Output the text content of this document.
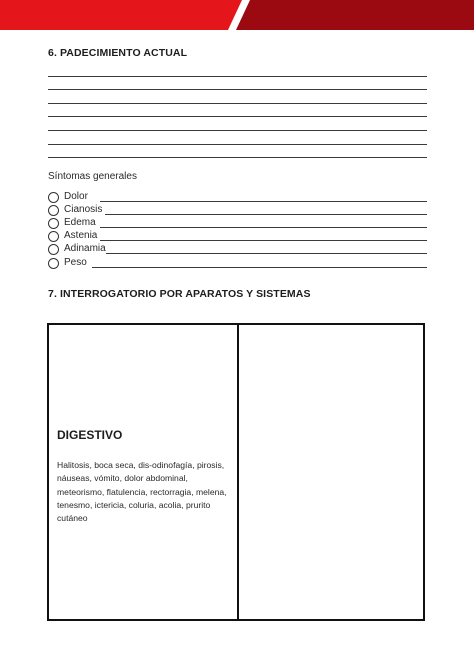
6. PADECIMIENTO ACTUAL
Síntomas generales
Dolor
Cianosis
Edema
Astenia
Adinamia
Peso
7. INTERROGATORIO POR APARATOS Y SISTEMAS
DIGESTIVO
Halitosis, boca seca, dis-odinofagía, pirosis, náuseas, vómito, dolor abdominal, meteorismo, flatulencia, rectorragia, melena, tenesmo, ictericia, coluria, acolia, prurito cutáneo
